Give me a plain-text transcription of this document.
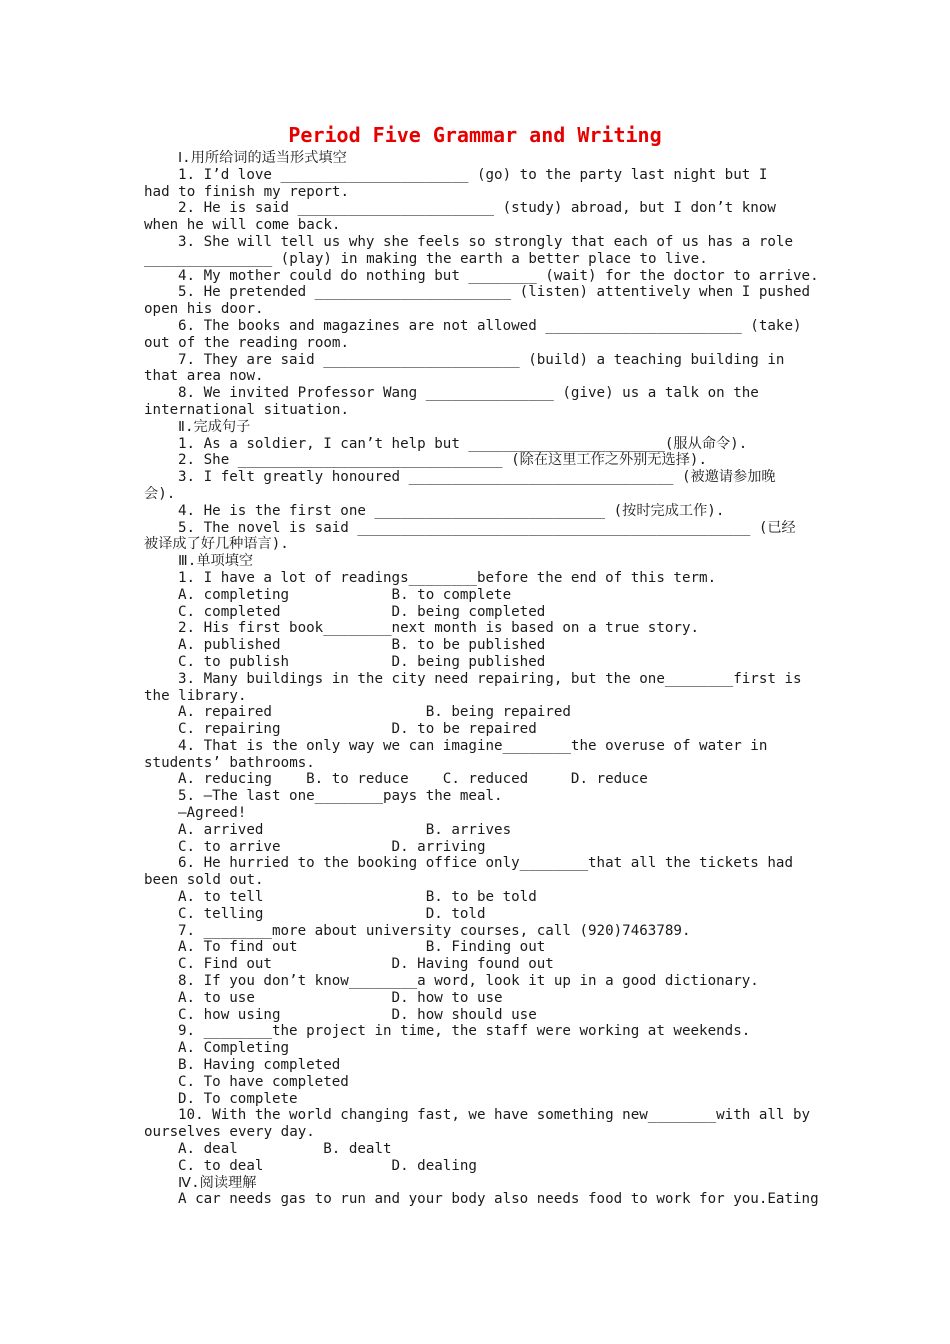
Period Five Grammar and Writing
Ⅰ.用所给词的适当形式填空
1. I’d love ______________________ (go) to the party last night but I
had to finish my report.
2. He is said _______________________ (study) abroad, but I don’t know
when he will come back.
3. She will tell us why she feels so strongly that each of us has a role
_______________ (play) in making the earth a better place to live.
4. My mother could do nothing but ________ (wait) for the doctor to arrive.
5. He pretended _______________________ (listen) attentively when I pushed
open his door.
6. The books and magazines are not allowed _______________________ (take)
out of the reading room.
7. They are said _______________________ (build) a teaching building in
that area now.
8. We invited Professor Wang _______________ (give) us a talk on the
international situation.
Ⅱ.完成句子
1. As a soldier, I can’t help but _______________________(服从命令).
2. She _______________________________ (除在这里工作之外别无选择).
3. I felt greatly honoured _______________________________ (被邀请参加晚
会).
4. He is the first one ___________________________ (按时完成工作).
5. The novel is said ______________________________________________ (已经
被译成了好几种语言).
Ⅲ.单项填空
1. I have a lot of readings________before the end of this term.
A. completing            B. to complete
C. completed             D. being completed
2. His first book________next month is based on a true story.
A. published             B. to be published
C. to publish            D. being published
3. Many buildings in the city need repairing, but the one________first is
the library.
A. repaired                  B. being repaired
C. repairing             D. to be repaired
4. That is the only way we can imagine________the overuse of water in
students’ bathrooms.
A. reducing    B. to reduce    C. reduced     D. reduce
5. —The last one________pays the meal.
—Agreed!
A. arrived                   B. arrives
C. to arrive             D. arriving
6. He hurried to the booking office only________that all the tickets had
been sold out.
A. to tell                   B. to be told
C. telling                   D. told
7. ________more about university courses, call (920)7463789.
A. To find out               B. Finding out
C. Find out              D. Having found out
8. If you don’t know________a word, look it up in a good dictionary.
A. to use                D. how to use
C. how using             D. how should use
9. ________the project in time, the staff were working at weekends.
A. Completing
B. Having completed
C. To have completed
D. To complete
10. With the world changing fast, we have something new________with all by
ourselves every day.
A. deal          B. dealt
C. to deal               D. dealing
Ⅳ.阅读理解
A car needs gas to run and your body also needs food to work for you.Eating
